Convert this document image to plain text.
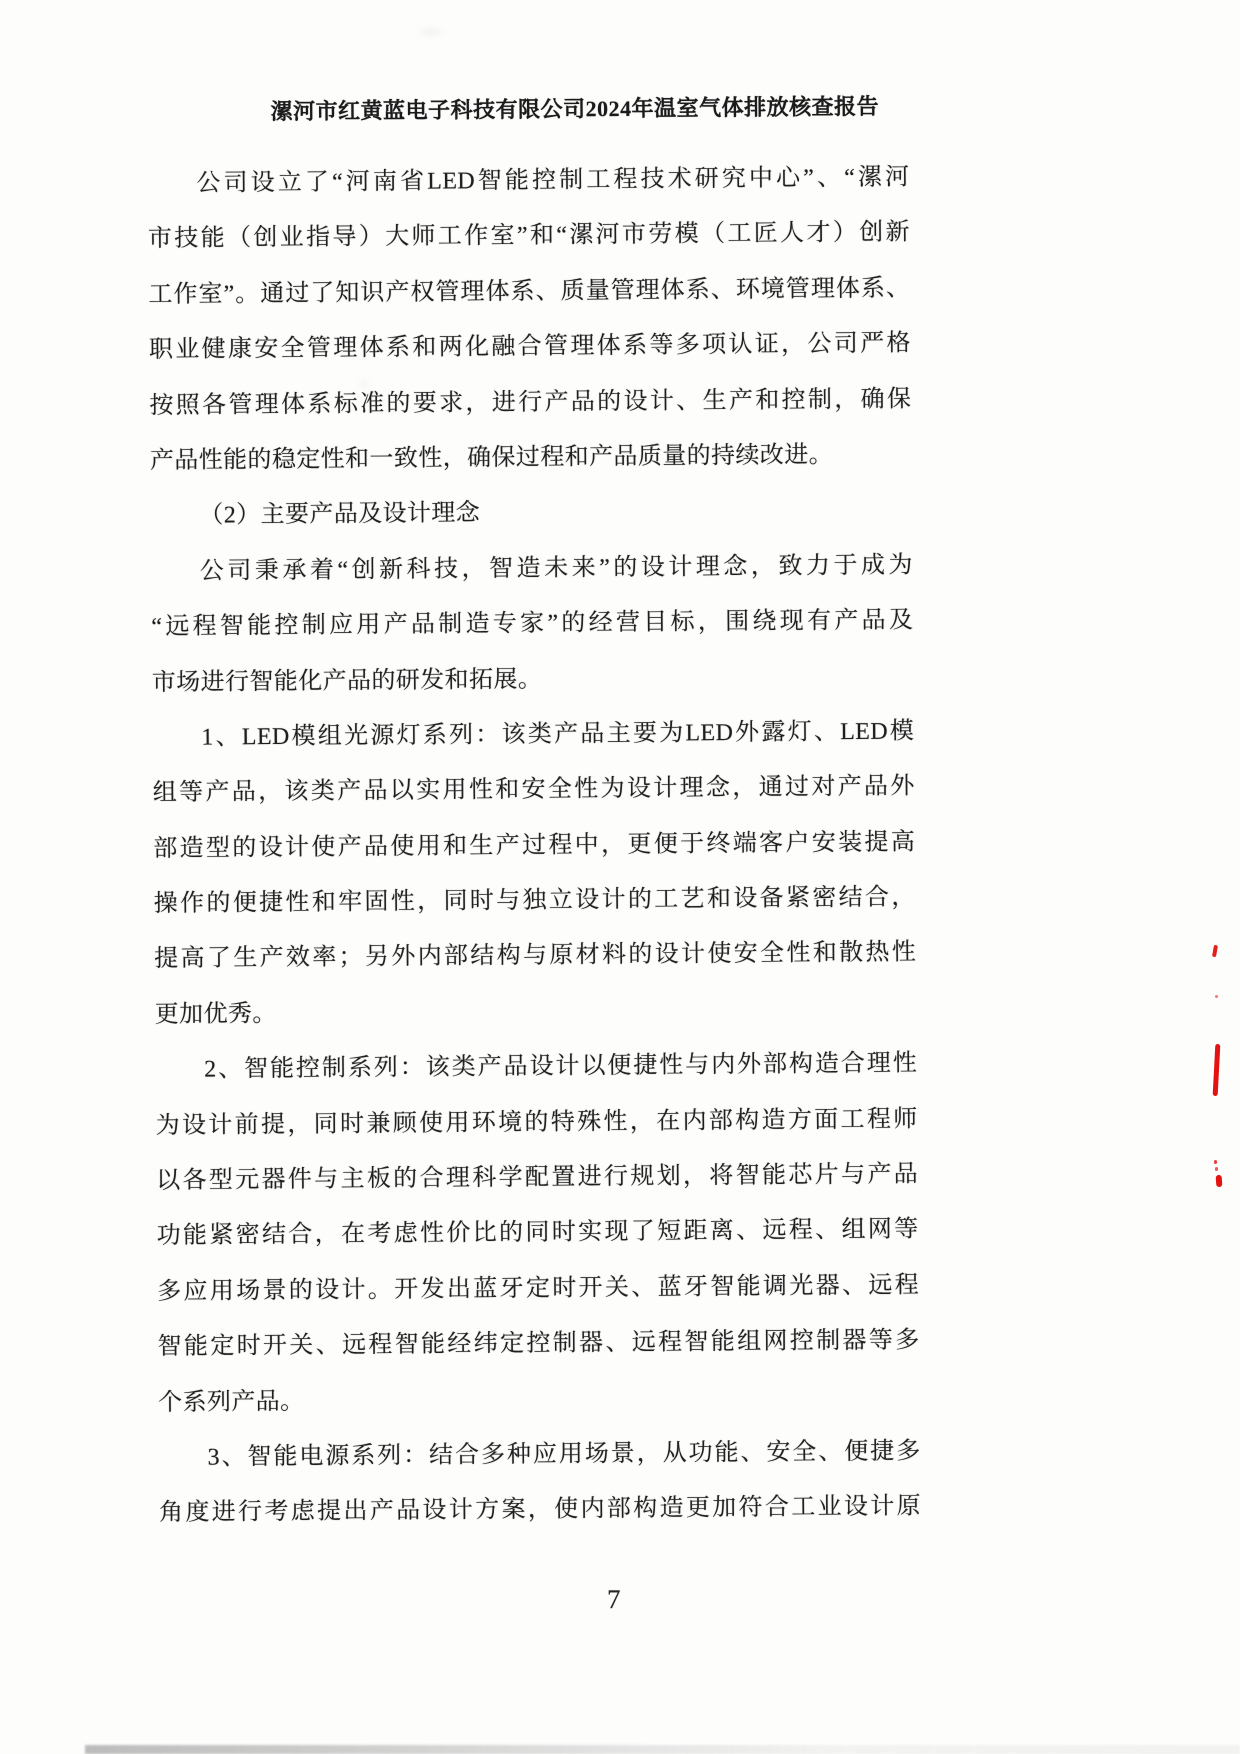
漯河市红黄蓝电子科技有限公司2024年温室气体排放核查报告
公司设立了“河南省LED智能控制工程技术研究中心”、“漯河
市技能（创业指导）大师工作室”和“漯河市劳模（工匠人才）创新
工作室”。通过了知识产权管理体系、质量管理体系、环境管理体系、
职业健康安全管理体系和两化融合管理体系等多项认证，公司严格
按照各管理体系标准的要求，进行产品的设计、生产和控制，确保
产品性能的稳定性和一致性，确保过程和产品质量的持续改进。
（2）主要产品及设计理念
公司秉承着“创新科技，智造未来”的设计理念，致力于成为
“远程智能控制应用产品制造专家”的经营目标，围绕现有产品及
市场进行智能化产品的研发和拓展。
1、LED模组光源灯系列：该类产品主要为LED外露灯、LED模
组等产品，该类产品以实用性和安全性为设计理念，通过对产品外
部造型的设计使产品使用和生产过程中，更便于终端客户安装提高
操作的便捷性和牢固性，同时与独立设计的工艺和设备紧密结合，
提高了生产效率；另外内部结构与原材料的设计使安全性和散热性
更加优秀。
2、智能控制系列：该类产品设计以便捷性与内外部构造合理性
为设计前提，同时兼顾使用环境的特殊性，在内部构造方面工程师
以各型元器件与主板的合理科学配置进行规划，将智能芯片与产品
功能紧密结合，在考虑性价比的同时实现了短距离、远程、组网等
多应用场景的设计。开发出蓝牙定时开关、蓝牙智能调光器、远程
智能定时开关、远程智能经纬定控制器、远程智能组网控制器等多
个系列产品。
3、智能电源系列：结合多种应用场景，从功能、安全、便捷多
角度进行考虑提出产品设计方案，使内部构造更加符合工业设计原
7
